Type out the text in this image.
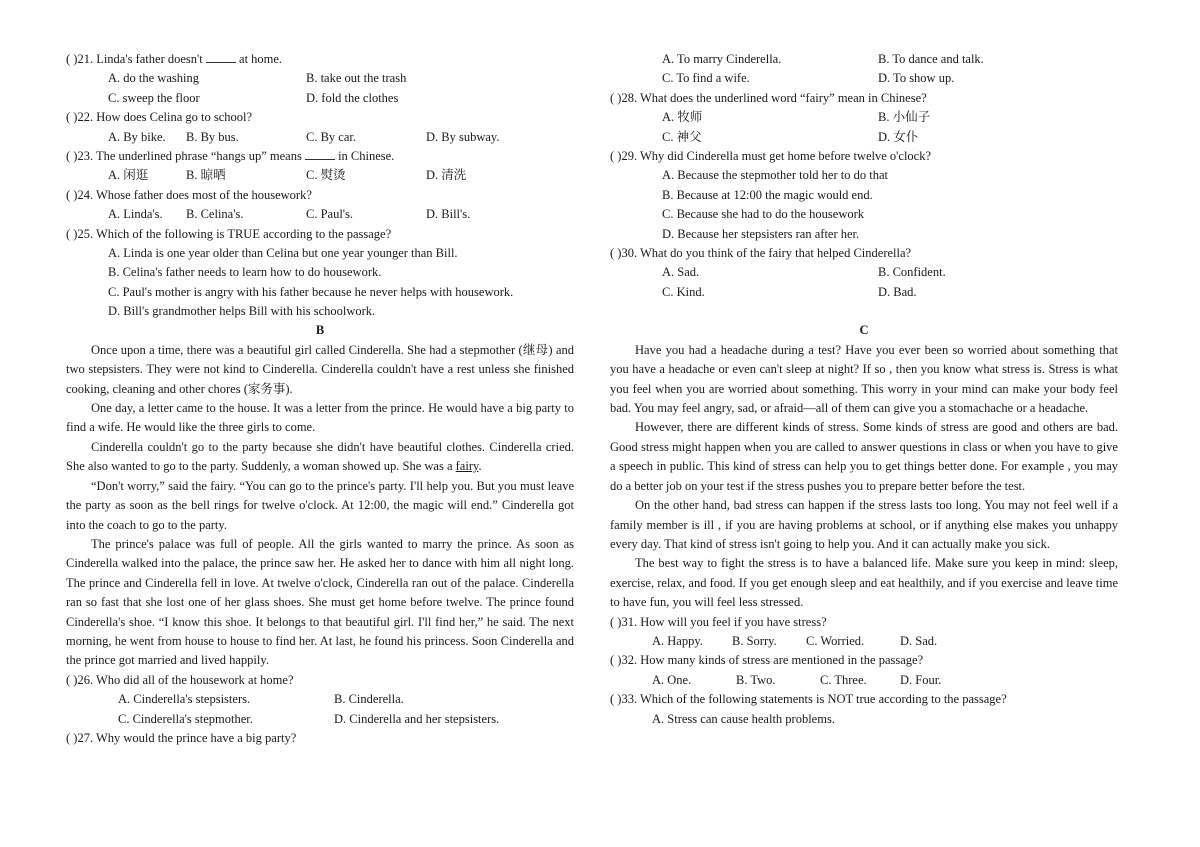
( )21. Linda's father doesn't  at home.
A. do the washing	B. take out the trash
C. sweep the floor	D. fold the clothes
( )22. How does Celina go to school?
A. By bike. B. By bus.	C. By car.	D. By subway.
( )23. The underlined phrase “hangs up” means  in Chinese.
A. 闲逛	B. 晾晒	C. 熨烫	D. 清洗
( )24. Whose father does most of the housework?
A. Linda's. B. Celina's.	C. Paul's.	D. Bill's.
( )25. Which of the following is TRUE according to the passage?
A. Linda is one year older than Celina but one year younger than Bill.
B. Celina's father needs to learn how to do housework.
C. Paul's mother is angry with his father because he never helps with housework.
D. Bill's grandmother helps Bill with his schoolwork.
B

Once upon a time, there was a beautiful girl called Cinderella. She had a stepmother (继母) and two stepsisters. They were not kind to Cinderella. Cinderella couldn't have a rest unless she finished cooking, cleaning and other chores (家务事).

One day, a letter came to the house. It was a letter from the prince. He would have a big party to find a wife. He would like the three girls to come.

Cinderella couldn't go to the party because she didn't have beautiful clothes. Cinderella cried. She also wanted to go to the party. Suddenly, a woman showed up. She was a fairy.

“Don't worry,” said the fairy. “You can go to the prince's party. I'll help you. But you must leave the party as soon as the bell rings for twelve o'clock. At 12:00, the magic will end.” Cinderella got into the coach to go to the party.

The prince's palace was full of people. All the girls wanted to marry the prince. As soon as Cinderella walked into the palace, the prince saw her. He asked her to dance with him all night long. The prince and Cinderella fell in love. At twelve o'clock, Cinderella ran out of the palace. Cinderella ran so fast that she lost one of her glass shoes. She must get home before twelve. The prince found Cinderella's shoe. “I know this shoe. It belongs to that beautiful girl. I'll find her,” he said. The next morning, he went from house to house to find her. At last, he found his princess. Soon Cinderella and the prince got married and lived happily.

( )26. Who did all of the housework at home?
A. Cinderella's stepsisters.	B. Cinderella.
C. Cinderella's stepmother.	D. Cinderella and her stepsisters.
( )27. Why would the prince have a big party?
A. To marry Cinderella.	B. To dance and talk.
C. To find a wife.	D. To show up.
( )28. What does the underlined word “fairy” mean in Chinese?
A. 牧师	B. 小仙子
C. 神父	D. 女仆
( )29. Why did Cinderella must get home before twelve o'clock?
A. Because the stepmother told her to do that
B. Because at 12:00 the magic would end.
C. Because she had to do the housework
D. Because her stepsisters ran after her.
( )30. What do you think of the fairy that helped Cinderella?
A. Sad.	B. Confident.
C. Kind.	D. Bad.
C

Have you had a headache during a test? Have you ever been so worried about something that you have a headache or even can't sleep at night? If so , then you know what stress is. Stress is what you feel when you are worried about something. This worry in your mind can make your body feel bad. You may feel angry, sad, or afraid—all of them can give you a stomachache or a headache.

However, there are different kinds of stress. Some kinds of stress are good and others are bad. Good stress might happen when you are called to answer questions in class or when you have to give a speech in public. This kind of stress can help you to get things better done. For example , you may do a better job on your test if the stress pushes you to prepare better before the test.

On the other hand, bad stress can happen if the stress lasts too long. You may not feel well if a family member is ill , if you are having problems at school, or if anything else makes you unhappy every day. That kind of stress isn't going to help you. And it can actually make you sick.

The best way to fight the stress is to have a balanced life. Make sure you keep in mind: sleep, exercise, relax, and food. If you get enough sleep and eat healthily, and if you exercise and leave time to have fun, you will feel less stressed.

( )31. How will you feel if you have stress?
A. Happy. B. Sorry. C. Worried.	D. Sad.
( )32. How many kinds of stress are mentioned in the passage?
A. One.	B. Two.	C. Three.	D. Four.
( )33. Which of the following statements is NOT true according to the passage?
A. Stress can cause health problems.
